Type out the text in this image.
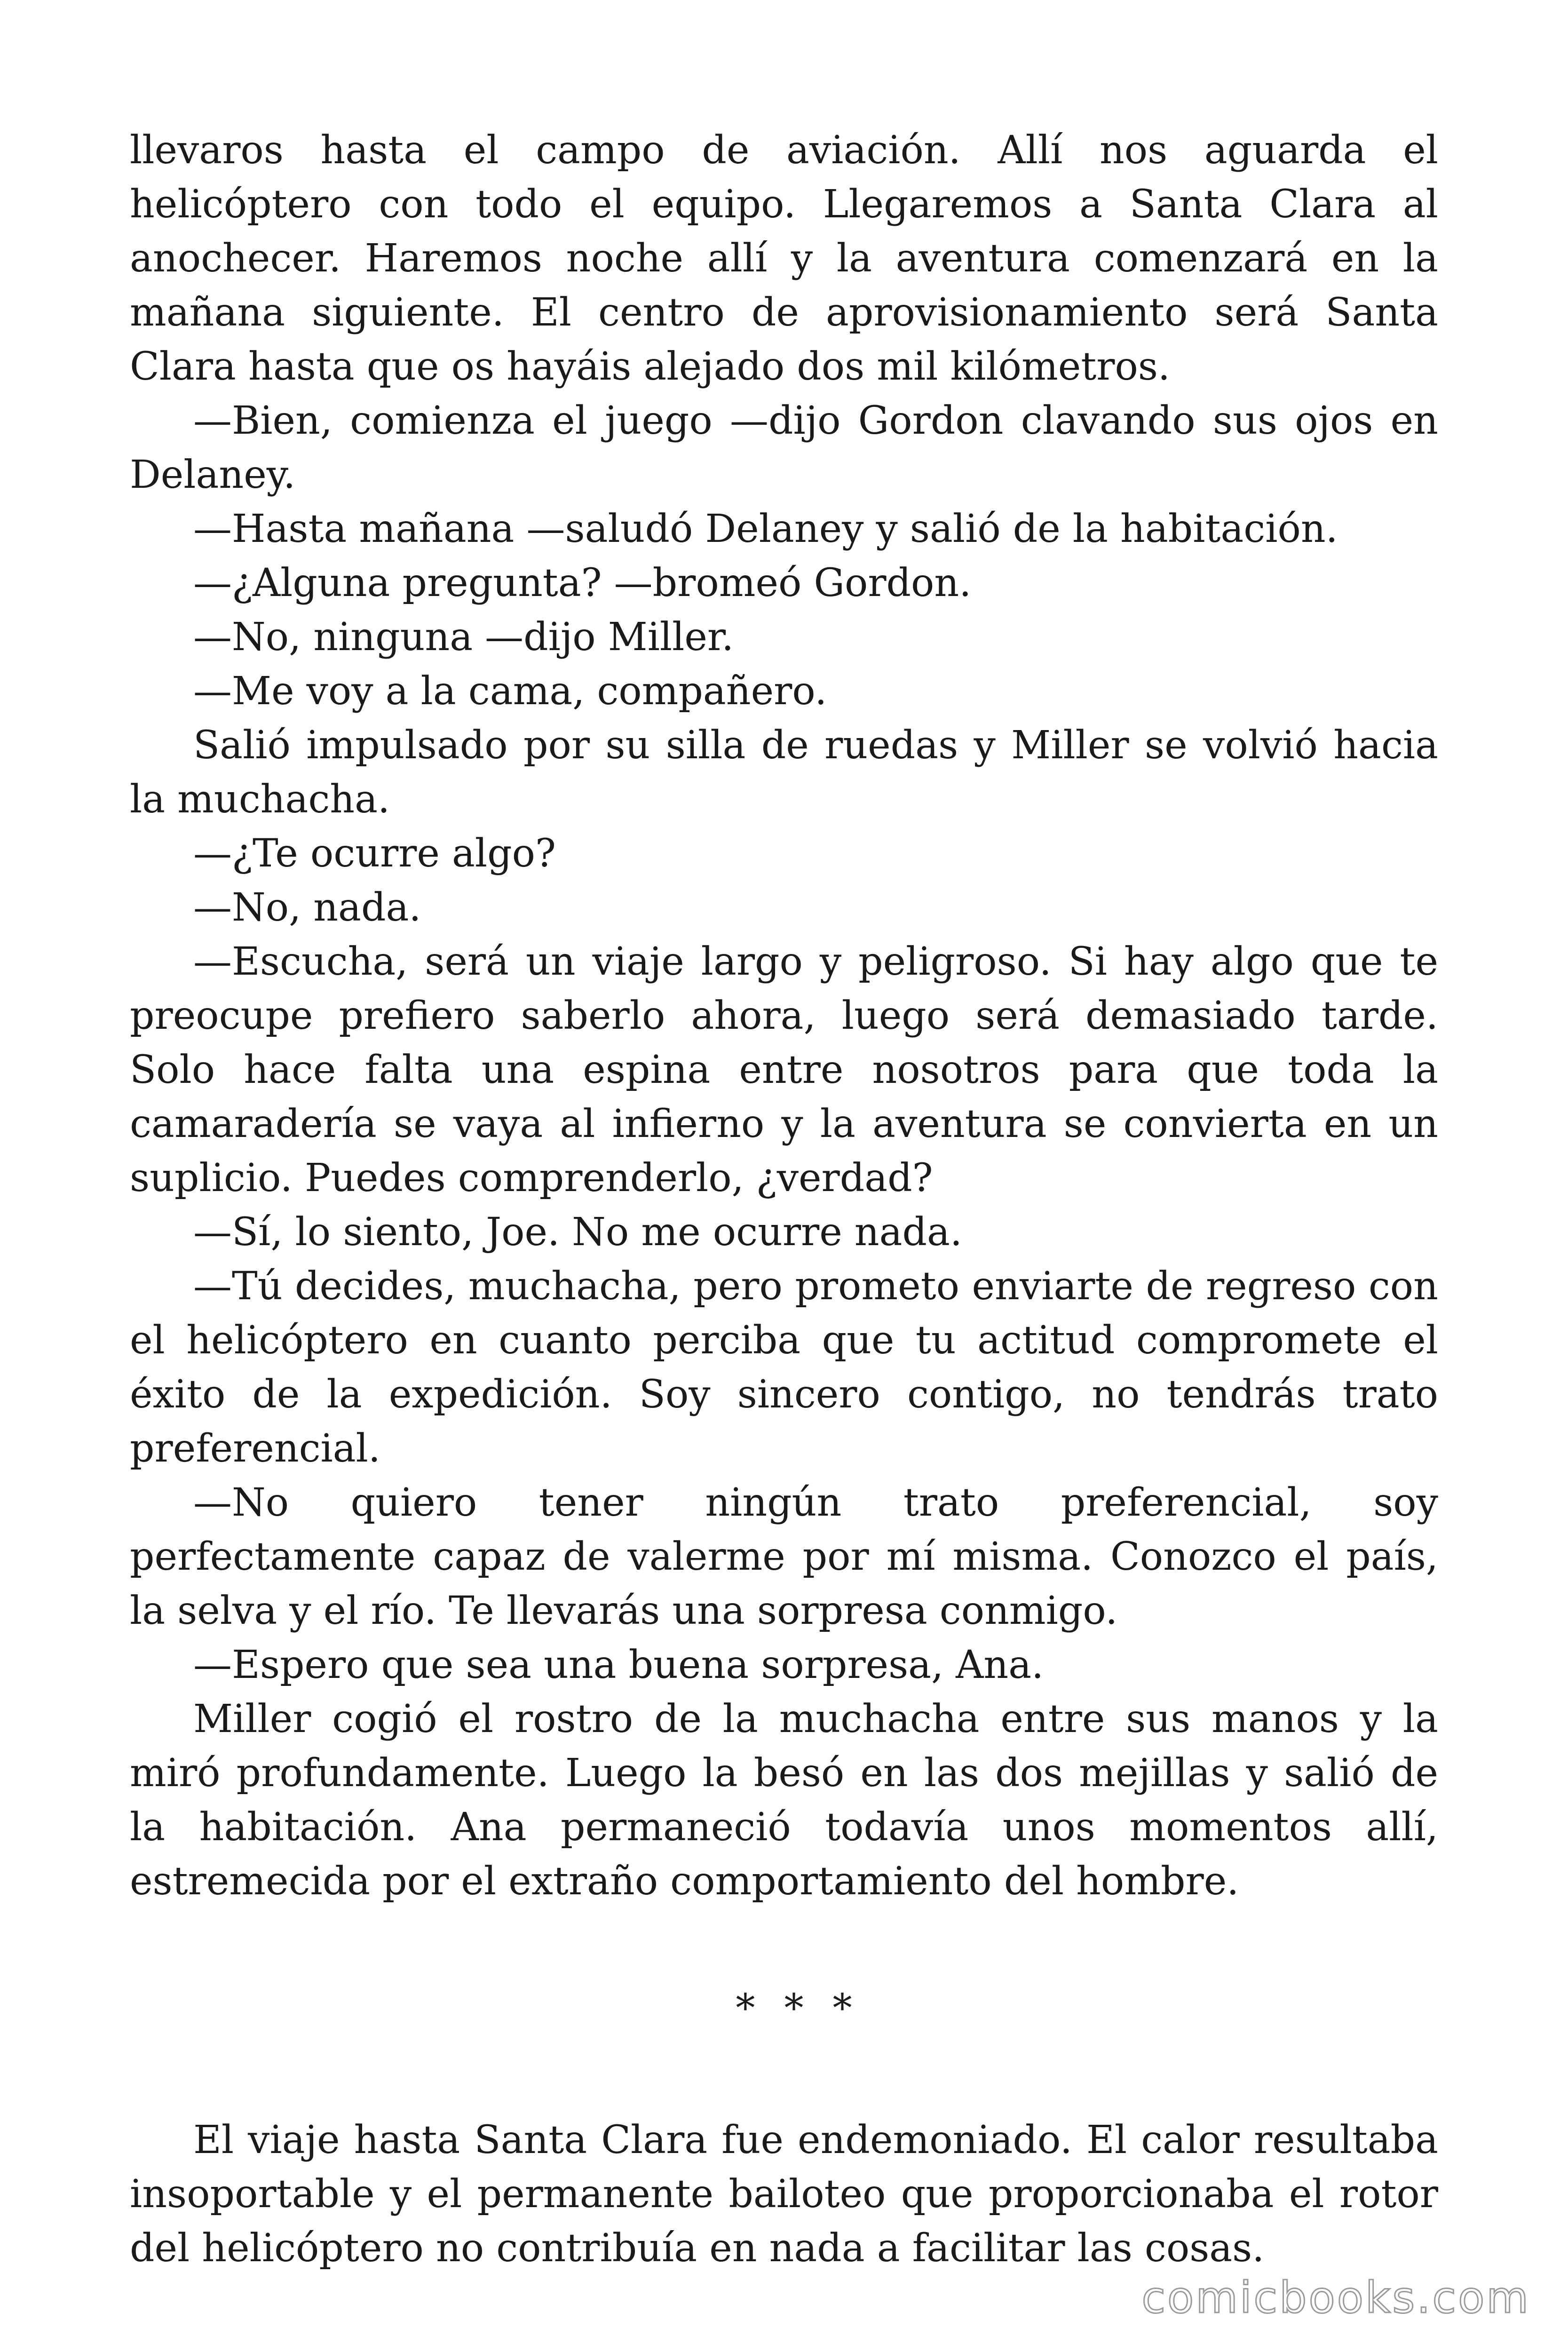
llevaros hasta el campo de aviación. Allí nos aguarda el helicóptero con todo el equipo. Llegaremos a Santa Clara al anochecer. Haremos noche allí y la aventura comenzará en la mañana siguiente. El centro de aprovisionamiento será Santa Clara hasta que os hayáis alejado dos mil kilómetros.

—Bien, comienza el juego —dijo Gordon clavando sus ojos en Delaney.

—Hasta mañana —saludó Delaney y salió de la habitación.

—¿Alguna pregunta? —bromeó Gordon.

—No, ninguna —dijo Miller.

—Me voy a la cama, compañero.

Salió impulsado por su silla de ruedas y Miller se volvió hacia la muchacha.

—¿Te ocurre algo?

—No, nada.

—Escucha, será un viaje largo y peligroso. Si hay algo que te preocupe prefiero saberlo ahora, luego será demasiado tarde. Solo hace falta una espina entre nosotros para que toda la camaradería se vaya al infierno y la aventura se convierta en un suplicio. Puedes comprenderlo, ¿verdad?

—Sí, lo siento, Joe. No me ocurre nada.

—Tú decides, muchacha, pero prometo enviarte de regreso con el helicóptero en cuanto perciba que tu actitud compromete el éxito de la expedición. Soy sincero contigo, no tendrás trato preferencial.

—No quiero tener ningún trato preferencial, soy perfectamente capaz de valerme por mí misma. Conozco el país, la selva y el río. Te llevarás una sorpresa conmigo.

—Espero que sea una buena sorpresa, Ana.

Miller cogió el rostro de la muchacha entre sus manos y la miró profundamente. Luego la besó en las dos mejillas y salió de la habitación. Ana permaneció todavía unos momentos allí, estremecida por el extraño comportamiento del hombre.

* * *

El viaje hasta Santa Clara fue endemoniado. El calor resultaba insoportable y el permanente bailoteo que proporcionaba el rotor del helicóptero no contribuía en nada a facilitar las cosas.

comicbooks.com
